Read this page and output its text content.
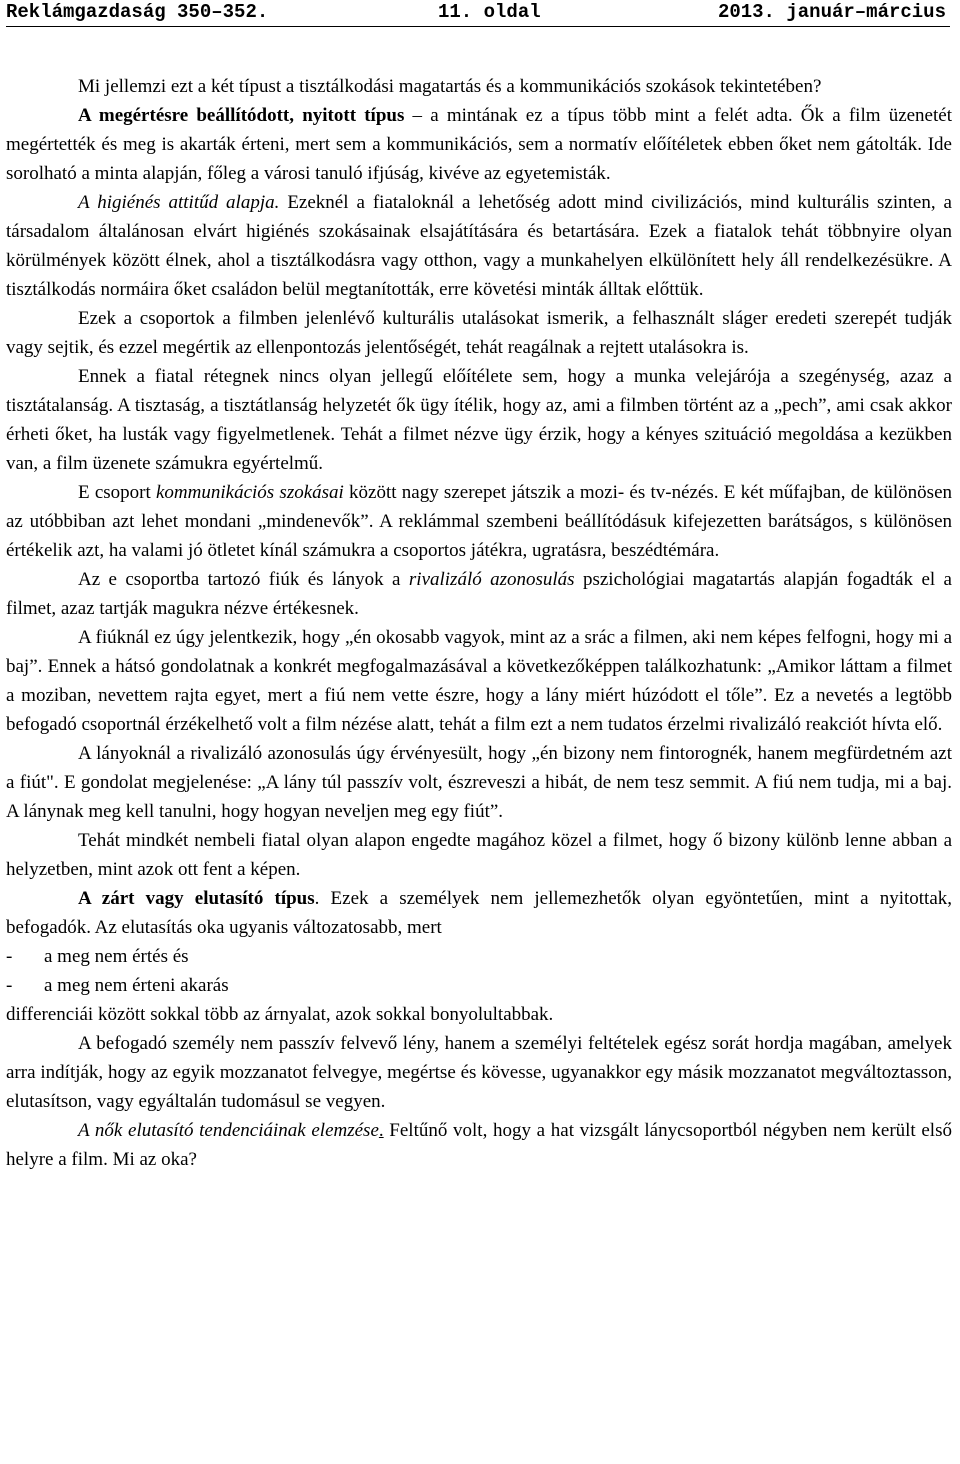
Reklámgazdaság 350–352.	11. oldal	2013. január–március

Mi jellemzi ezt a két típust a tisztálkodási magatartás és a kommunikációs szokások tekintetében?

A megértésre beállítódott, nyitott típus – a mintának ez a típus több mint a felét adta. Ők a film üzenetét megértették és meg is akarták érteni, mert sem a kommunikációs, sem a normatív előítéletek ebben őket nem gátolták. Ide sorolható a minta alapján, főleg a városi tanuló ifjúság, kivéve az egyetemisták.

A higiénés attitűd alapja. Ezeknél a fiataloknál a lehetőség adott mind civilizációs, mind kulturális szinten, a társadalom általánosan elvárt higiénés szokásainak elsajátítására és betartására. Ezek a fiatalok tehát többnyire olyan körülmények között élnek, ahol a tisztálkodásra vagy otthon, vagy a munkahelyen elkülönített hely áll rendelkezésükre. A tisztálkodás normáira őket családon belül megtanították, erre követési minták álltak előttük.

Ezek a csoportok a filmben jelenlévő kulturális utalásokat ismerik, a felhasznált sláger eredeti szerepét tudják vagy sejtik, és ezzel megértik az ellenpontozás jelentőségét, tehát reagálnak a rejtett utalásokra is.

Ennek a fiatal rétegnek nincs olyan jellegű előítélete sem, hogy a munka velejárója a szegénység, azaz a tisztátalanság. A tisztaság, a tisztátlanság helyzetét ők ügy ítélik, hogy az, ami a filmben történt az a „pech”, ami csak akkor érheti őket, ha lusták vagy figyelmetlenek. Tehát a filmet nézve ügy érzik, hogy a kényes szituáció megoldása a kezükben van, a film üzenete számukra egyértelmű.

E csoport kommunikációs szokásai között nagy szerepet játszik a mozi- és tv-nézés. E két műfajban, de különösen az utóbbiban azt lehet mondani „mindenevők”. A reklámmal szembeni beállítódásuk kifejezetten barátságos, s különösen értékelik azt, ha valami jó ötletet kínál számukra a csoportos játékra, ugratásra, beszédtémára.

Az e csoportba tartozó fiúk és lányok a rivalizáló azonosulás pszichológiai magatartás alapján fogadták el a filmet, azaz tartják magukra nézve értékesnek.

A fiúknál ez úgy jelentkezik, hogy „én okosabb vagyok, mint az a srác a filmen, aki nem képes felfogni, hogy mi a baj”. Ennek a hátsó gondolatnak a konkrét megfogalmazásával a következőképpen találkozhatunk: „Amikor láttam a filmet a moziban, nevettem rajta egyet, mert a fiú nem vette észre, hogy a lány miért húzódott el tőle”. Ez a nevetés a legtöbb befogadó csoportnál érzékelhető volt a film nézése alatt, tehát a film ezt a nem tudatos érzelmi rivalizáló reakciót hívta elő.

A lányoknál a rivalizáló azonosulás úgy érvényesült, hogy „én bizony nem fintorognék, hanem megfürdetném azt a fiút". E gondolat megjelenése: „A lány túl passzív volt, észreveszi a hibát, de nem tesz semmit. A fiú nem tudja, mi a baj. A lánynak meg kell tanulni, hogy hogyan neveljen meg egy fiút”.

Tehát mindkét nembeli fiatal olyan alapon engedte magához közel a filmet, hogy ő bizony különb lenne abban a helyzetben, mint azok ott fent a képen.

A zárt vagy elutasító típus. Ezek a személyek nem jellemezhetők olyan egyöntetűen, mint a nyitottak, befogadók. Az elutasítás oka ugyanis változatosabb, mert

- a meg nem értés és
- a meg nem érteni akarás

differenciái között sokkal több az árnyalat, azok sokkal bonyolultabbak.

A befogadó személy nem passzív felvevő lény, hanem a személyi feltételek egész sorát hordja magában, amelyek arra indítják, hogy az egyik mozzanatot felvegye, megértse és kövesse, ugyanakkor egy másik mozzanatot megváltoztasson, elutasítson, vagy egyáltalán tudomásul se vegyen.

A nők elutasító tendenciáinak elemzése. Feltűnő volt, hogy a hat vizsgált lánycsoportból négyben nem került első helyre a film. Mi az oka?
